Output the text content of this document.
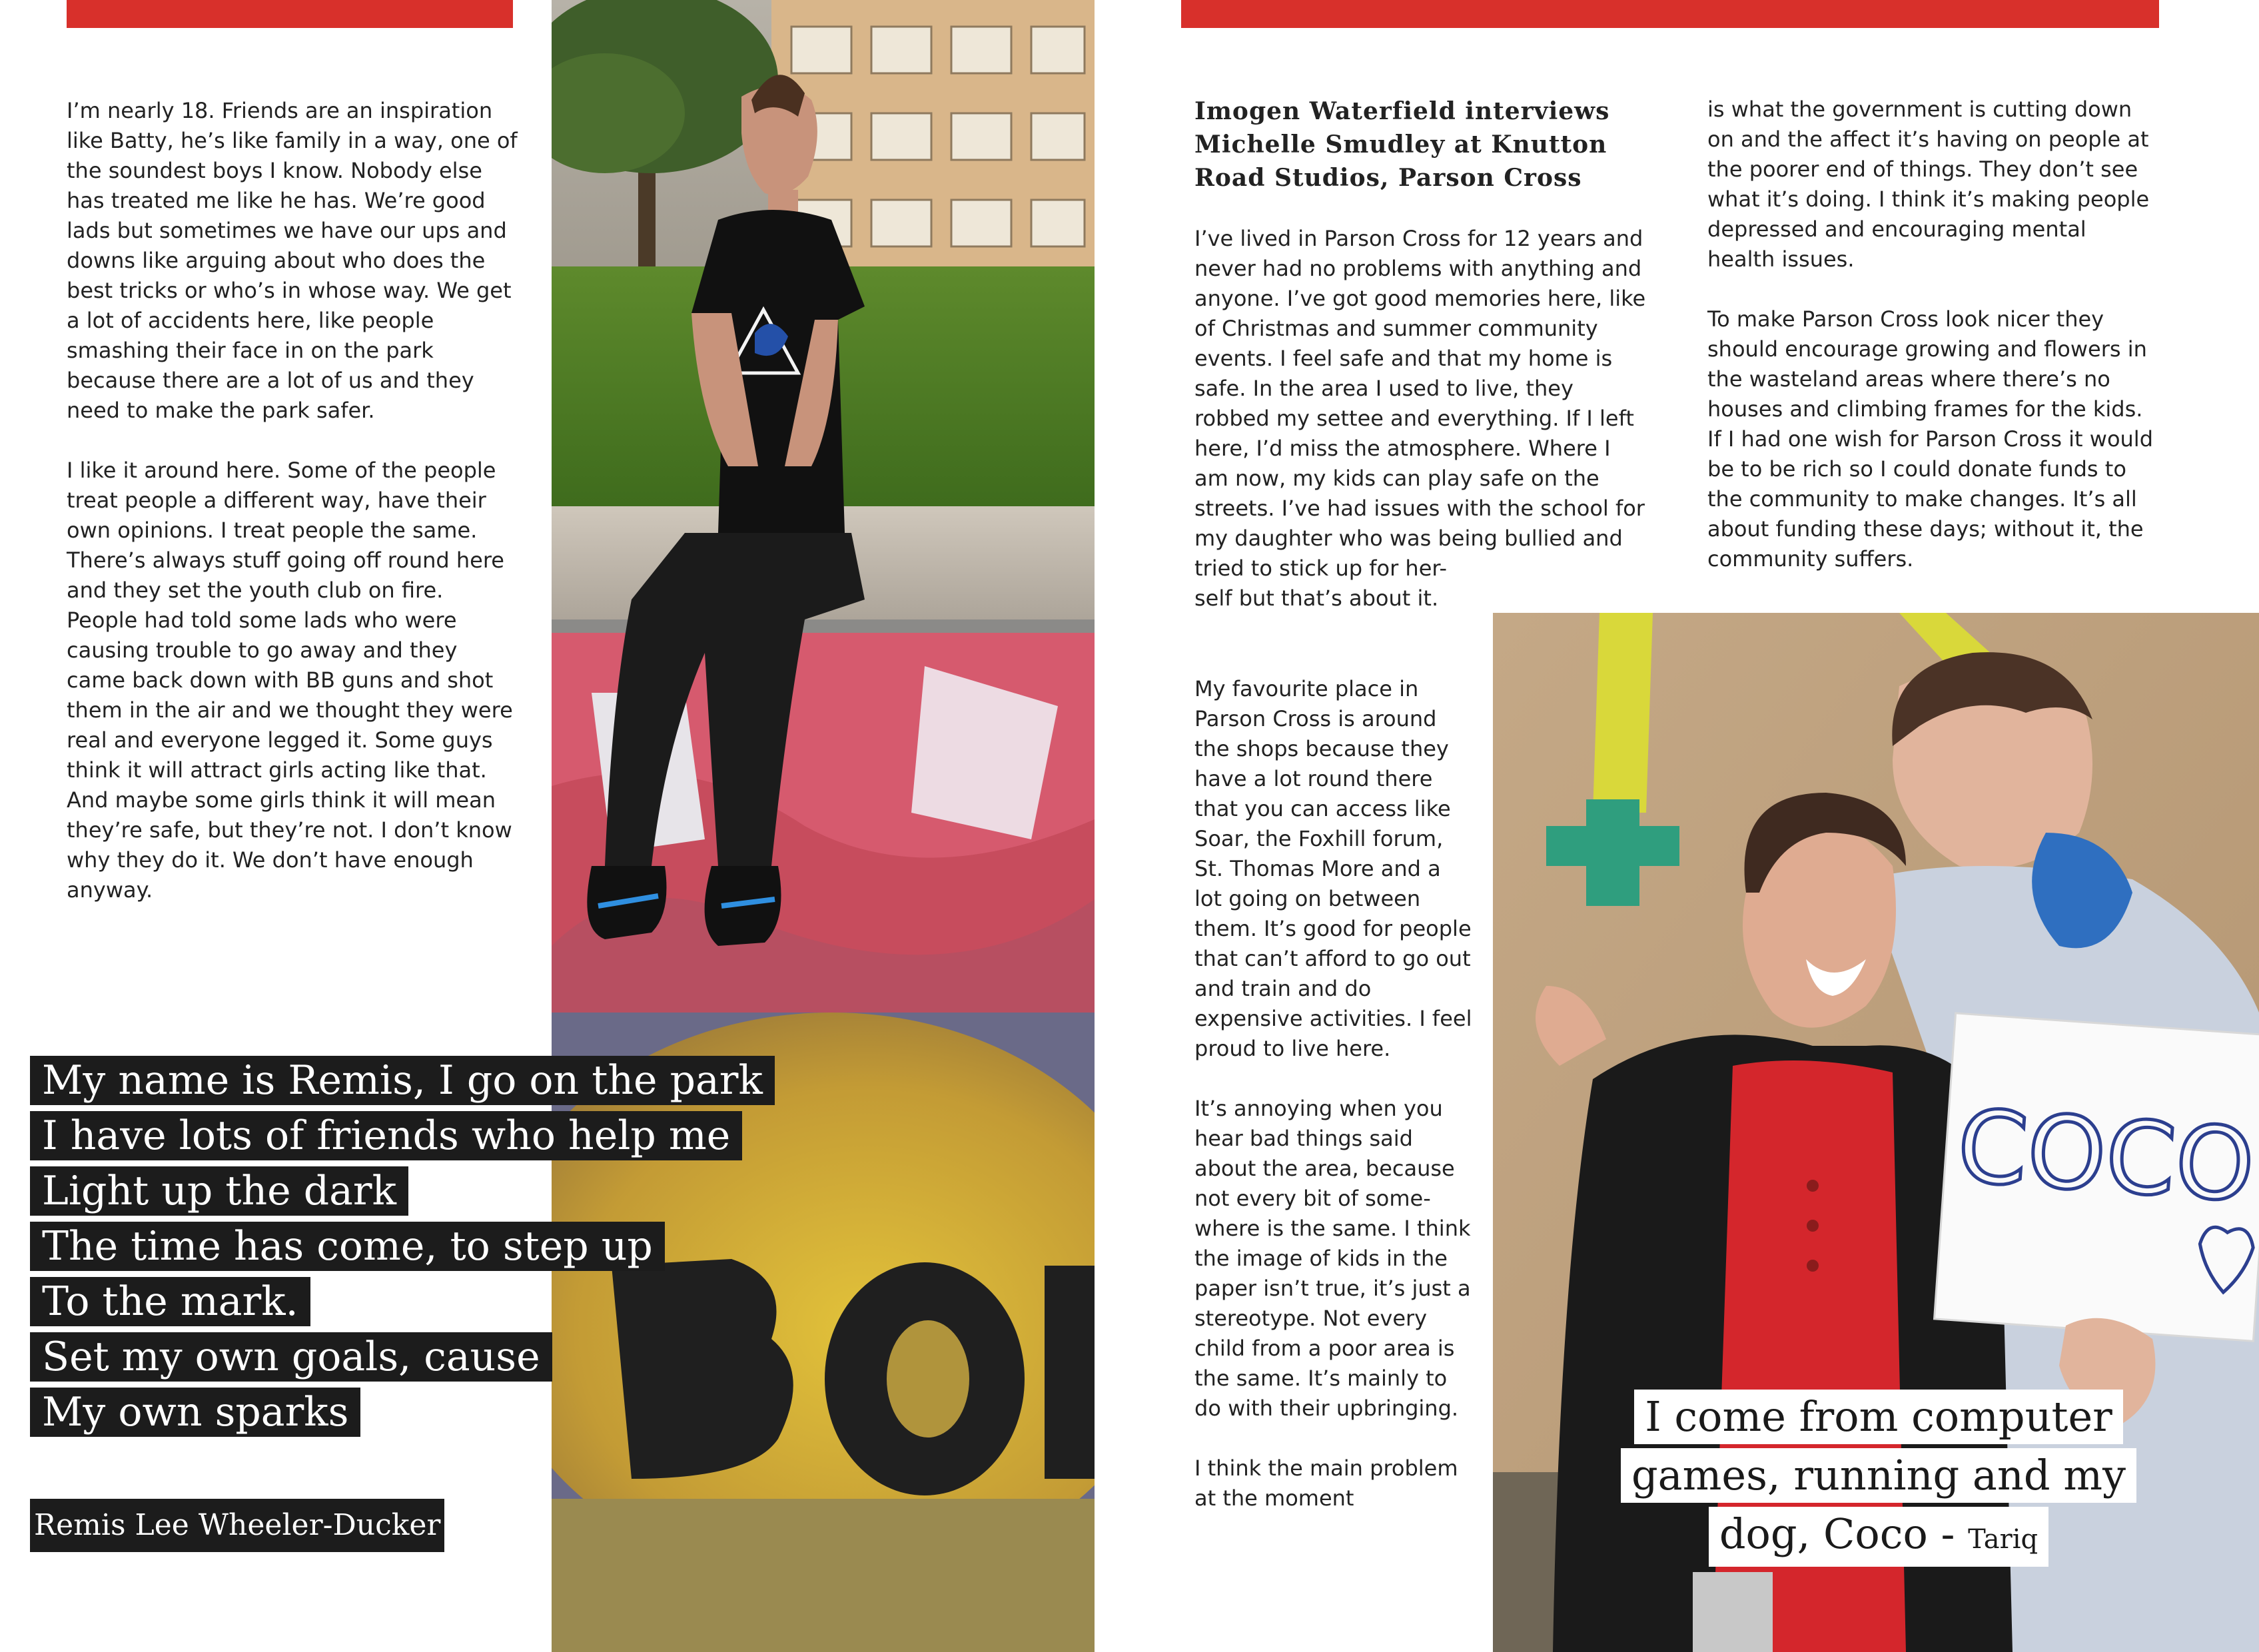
I’m nearly 18. Friends are an inspiration like Batty, he’s like family in a way, one of the soundest boys I know. Nobody else has treated me like he has. We’re good lads but sometimes we have our ups and downs like arguing about who does the best tricks or who’s in whose way. We get a lot of accidents here, like people smashing their face in on the park because there are a lot of us and they need to make the park safer.

I like it around here. Some of the people treat people a different way, have their own opinions. I treat people the same. There’s always stuff going off round here and they set the youth club on fire. People had told some lads who were causing trouble to go away and they came back down with BB guns and shot them in the air and we thought they were real and everyone legged it. Some guys think it will attract girls acting like that. And maybe some girls think it will mean they’re safe, but they’re not. I don’t know why they do it. We don’t have enough anyway.

My name is Remis, I go on the park
I have lots of friends who help me
Light up the dark
The time has come, to step up
To the mark.
Set my own goals, cause
My own sparks
Remis Lee Wheeler-Ducker

Imogen Waterfield interviews
Michelle Smudley at Knutton
Road Studios, Parson Cross

I’ve lived in Parson Cross for 12 years and never had no problems with anything and anyone. I’ve got good memories here, like of Christmas and summer community events. I feel safe and that my home is safe. In the area I used to live, they robbed my settee and everything. If I left here, I’d miss the atmosphere. Where I am now, my kids can play safe on the streets. I’ve had issues with the school for my daughter who was being bullied and tried to stick up for her-
self but that’s about it.

My favourite place in Parson Cross is around the shops because they have a lot round there that you can access like Soar, the Foxhill forum, St. Thomas More and a lot going on between them. It’s good for people that can’t afford to go out and train and do expensive activities. I feel proud to live here.

It’s annoying when you hear bad things said about the area, because not every bit of some-
where is the same. I think the image of kids in the paper isn’t true, it’s just a stereotype. Not every child from a poor area is the same. It’s mainly to do with their upbringing.

I think the main problem at the moment

is what the government is cutting down on and the affect it’s having on people at the poorer end of things. They don’t see what it’s doing. I think it’s making people depressed and encouraging mental health issues.

To make Parson Cross look nicer they should encourage growing and flowers in the wasteland areas where there’s no houses and climbing frames for the kids. If I had one wish for Parson Cross it would be to be rich so I could donate funds to the community to make changes. It’s all about funding these days; without it, the community suffers.

COCO
I come from computer
games, running and my
dog, Coco - Tariq
